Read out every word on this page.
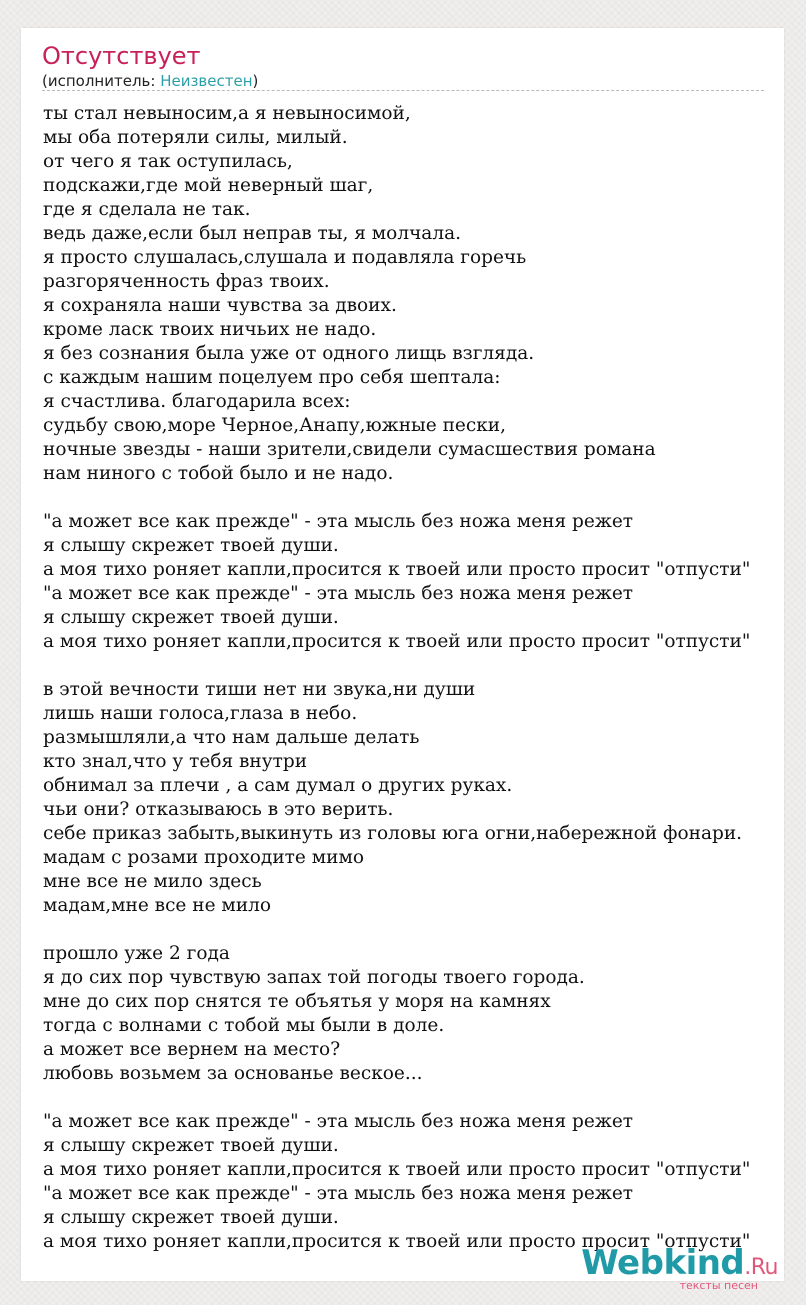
Отсутствует
(исполнитель: Неизвестен)
ты стал невыносим,а я невыносимой,
мы оба потеряли силы, милый.
от чего я так оступилась,
подскажи,где мой неверный шаг,
где я сделала не так.
ведь даже,если был неправ ты, я молчала.
я просто слушалась,слушала и подавляла горечь
разгоряченность фраз твоих.
я сохраняла наши чувства за двоих.
кроме ласк твоих ничьих не надо.
я без сознания была уже от одного лищь взгляда.
с каждым нашим поцелуем про себя шептала:
я счастлива. благодарила всех:
судьбу свою,море Черное,Анапу,южные пески,
ночные звезды - наши зрители,свидели сумасшествия романа
нам ниного с тобой было и не надо.
"а может все как прежде" - эта мысль без ножа меня режет
я слышу скрежет твоей души.
а моя тихо роняет капли,просится к твоей или просто просит "отпусти"
"а может все как прежде" - эта мысль без ножа меня режет
я слышу скрежет твоей души.
а моя тихо роняет капли,просится к твоей или просто просит "отпусти"
в этой вечности тиши нет ни звука,ни души
лишь наши голоса,глаза в небо.
размышляли,а что нам дальше делать
кто знал,что у тебя внутри
обнимал за плечи , а сам думал о других руках.
чьи они? отказываюсь в это верить.
себе приказ забыть,выкинуть из головы юга огни,набережной фонари.
мадам с розами проходите мимо
мне все не мило здесь
мадам,мне все не мило
прошло уже 2 года
я до сих пор чувствую запах той погоды твоего города.
мне до сих пор снятся те объятья у моря на камнях
тогда с волнами с тобой мы были в доле.
а может все вернем на место?
любовь возьмем за основанье веское...
"а может все как прежде" - эта мысль без ножа меня режет
я слышу скрежет твоей души.
а моя тихо роняет капли,просится к твоей или просто просит "отпусти"
"а может все как прежде" - эта мысль без ножа меня режет
я слышу скрежет твоей души.
а моя тихо роняет капли,просится к твоей или просто просит "отпусти"
Webkind.Ru
тексты песен
